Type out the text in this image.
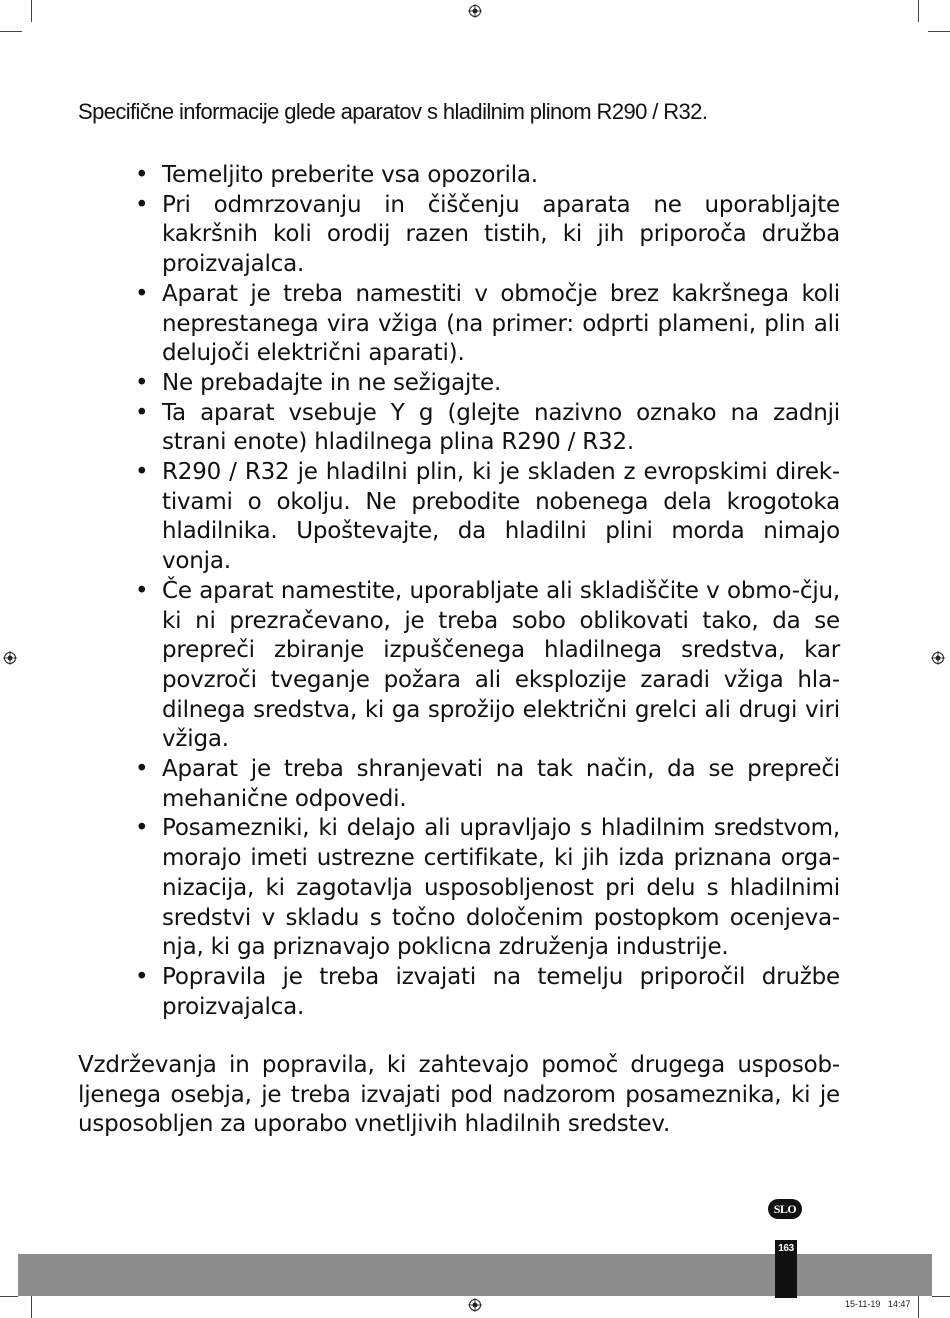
Specifične informacije glede aparatov s hladilnim plinom R290 / R32.
• Temeljito preberite vsa opozorila.
• Pri odmrzovanju in čiščenju aparata ne uporabljajte kakršnih koli orodij razen tistih, ki jih priporoča družba proizvajalca.
• Aparat je treba namestiti v območje brez kakršnega koli neprestanega vira vžiga (na primer: odprti plameni, plin ali delujoči električni aparati).
• Ne prebadajte in ne sežigajte.
• Ta aparat vsebuje Y g (glejte nazivno oznako na zadnji strani enote) hladilnega plina R290 / R32.
• R290 / R32 je hladilni plin, ki je skladen z evropskimi direk-tivami o okolju. Ne prebodite nobenega dela krogotoka hladilnika. Upoštevajte, da hladilni plini morda nimajo vonja.
• Če aparat namestite, uporabljate ali skladiščite v obmo-čju, ki ni prezračevano, je treba sobo oblikovati tako, da se prepreči zbiranje izpuščenega hladilnega sredstva, kar povzroči tveganje požara ali eksplozije zaradi vžiga hla-dilnega sredstva, ki ga sprožijo električni grelci ali drugi viri vžiga.
• Aparat je treba shranjevati na tak način, da se prepreči mehanične odpovedi.
• Posamezniki, ki delajo ali upravljajo s hladilnim sredstvom, morajo imeti ustrezne certifikate, ki jih izda priznana orga-nizacija, ki zagotavlja usposobljenost pri delu s hladilnimi sredstvi v skladu s točno določenim postopkom ocenjeva-nja, ki ga priznavajo poklicna združenja industrije.
• Popravila je treba izvajati na temelju priporočil družbe proizvajalca.
Vzdrževanja in popravila, ki zahtevajo pomoč drugega usposob-ljenega osebja, je treba izvajati pod nadzorom posameznika, ki je usposobljen za uporabo vnetljivih hladilnih sredstev.
SLO
163
15-11-19   14:47
